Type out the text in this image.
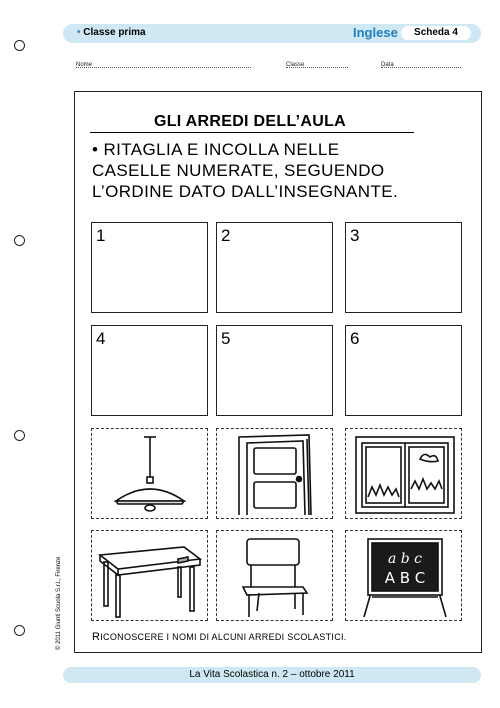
• Classe prima	Inglese	Scheda 4
Nome	Classe	Data
GLI ARREDI DELL’AULA
• RITAGLIA E INCOLLA NELLE CASELLE NUMERATE, SEGUENDO L’ORDINE DATO DALL’INSEGNANTE.
1	2	3
4	5	6
a b c
A B C
RICONOSCERE I NOMI DI ALCUNI ARREDI SCOLASTICI.
© 2011 Giunti Scuola S.r.l., Firenze
La Vita Scolastica n. 2 – ottobre 2011
